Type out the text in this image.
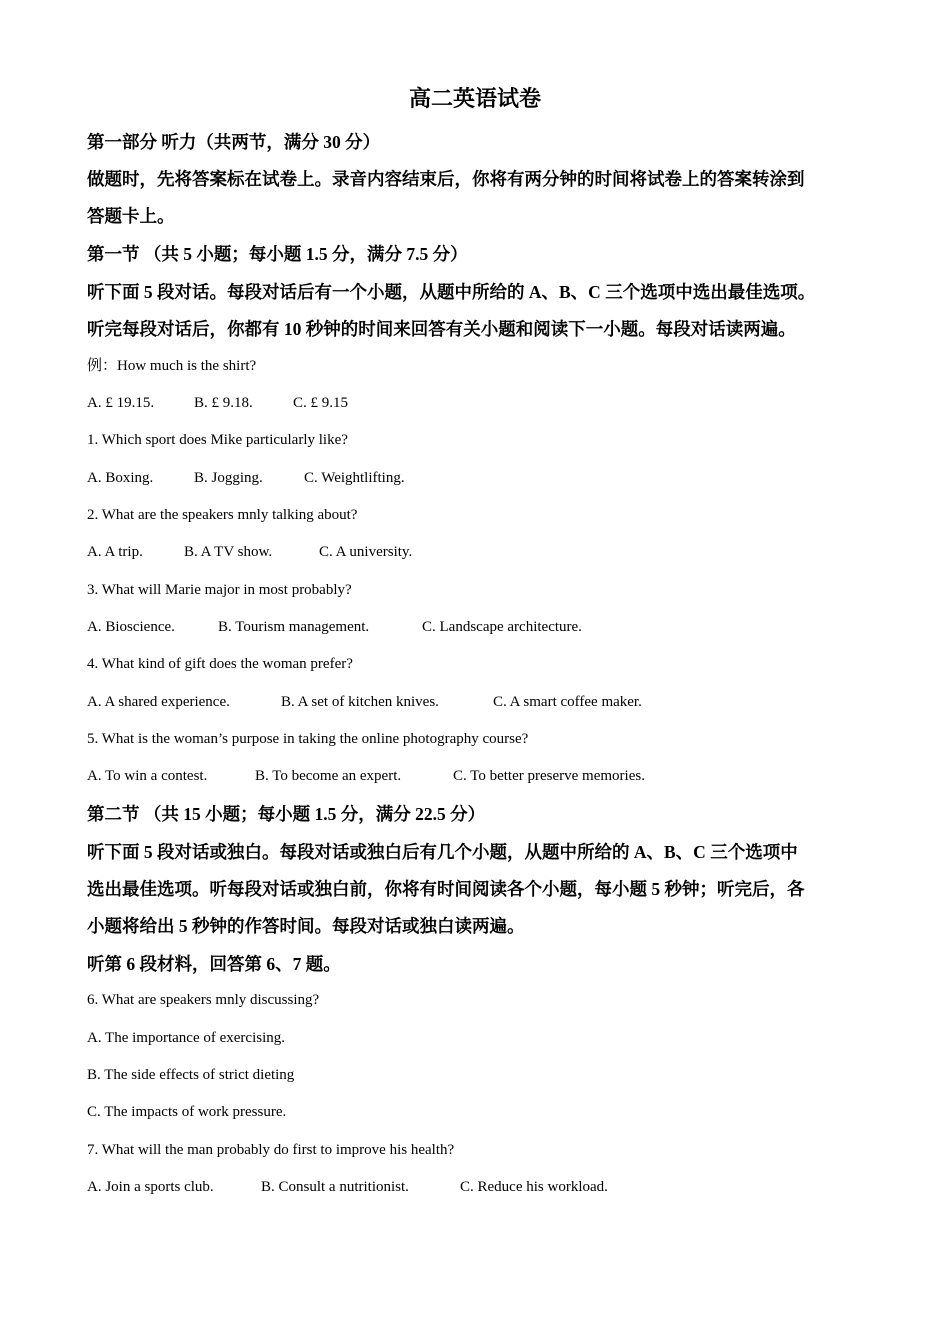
高二英语试卷
第一部分 听力（共两节，满分 30 分）
做题时，先将答案标在试卷上。录音内容结束后，你将有两分钟的时间将试卷上的答案转涂到
答题卡上。
第一节 （共 5 小题；每小题 1.5 分，满分 7.5 分）
听下面 5 段对话。每段对话后有一个小题，从题中所给的 A、B、C 三个选项中选出最佳选项。
听完每段对话后，你都有 10 秒钟的时间来回答有关小题和阅读下一小题。每段对话读两遍。
例：How much is the shirt?
A. £ 19.15.	B. £ 9.18.	C. £ 9.15
1. Which sport does Mike particularly like?
A. Boxing.	B. Jogging.	C. Weightlifting.
2. What are the speakers mnly talking about?
A. A trip.	B. A TV show.	C. A university.
3. What will Marie major in most probably?
A. Bioscience.	B. Tourism management.	C. Landscape architecture.
4. What kind of gift does the woman prefer?
A. A shared experience.	B. A set of kitchen knives.	C. A smart coffee maker.
5. What is the woman’s purpose in taking the online photography course?
A. To win a contest.	B. To become an expert.	C. To better preserve memories.
第二节 （共 15 小题；每小题 1.5 分，满分 22.5 分）
听下面 5 段对话或独白。每段对话或独白后有几个小题，从题中所给的 A、B、C 三个选项中
选出最佳选项。听每段对话或独白前，你将有时间阅读各个小题，每小题 5 秒钟；听完后，各
小题将给出 5 秒钟的作答时间。每段对话或独白读两遍。
听第 6 段材料，回答第 6、7 题。
6. What are speakers mnly discussing?
A. The importance of exercising.
B. The side effects of strict dieting
C. The impacts of work pressure.
7. What will the man probably do first to improve his health?
A. Join a sports club.	B. Consult a nutritionist.	C. Reduce his workload.
